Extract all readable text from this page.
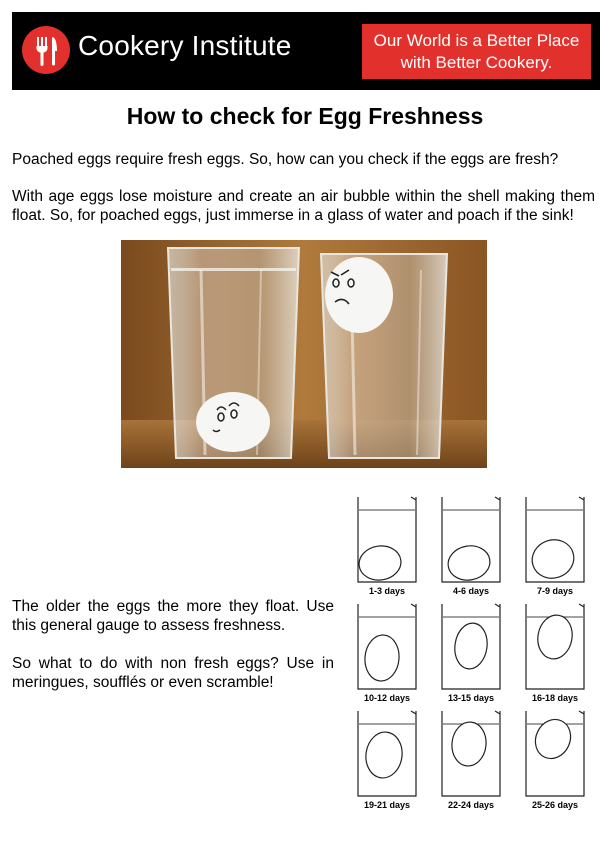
Cookery Institute	Our World is a Better Place
with Better Cookery.
How to check for Egg Freshness
Poached eggs require fresh eggs. So, how can you check if the eggs are fresh?
With age eggs lose moisture and create an air bubble within the shell making them float. So, for poached eggs, just immerse in a glass of water and poach if the sink!
The older the eggs the more they float. Use this general gauge to assess freshness.
So what to do with non fresh eggs? Use in meringues, soufflés or even scramble!
1-3 days	4-6 days	7-9 days
10-12 days	13-15 days	16-18 days
19-21 days	22-24 days	25-26 days
